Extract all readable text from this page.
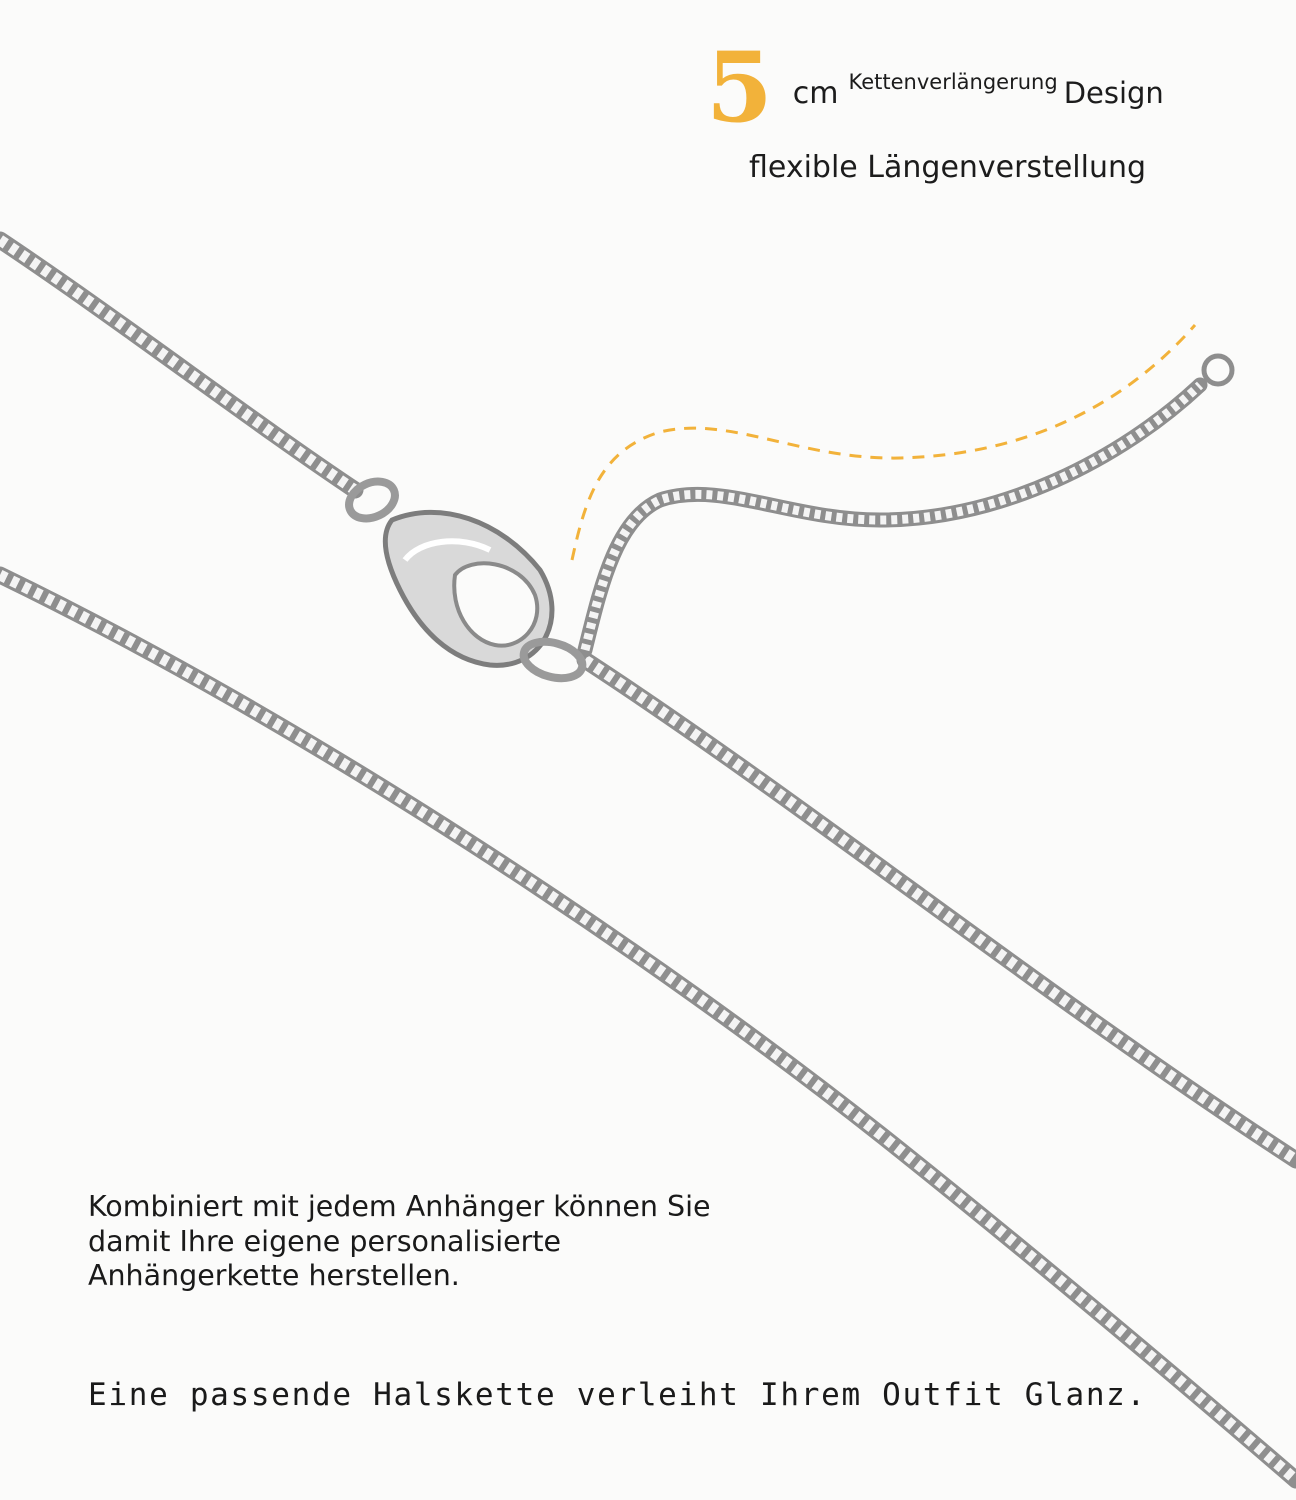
5 cm Kettenverlängerung Design
flexible Längenverstellung
Kombiniert mit jedem Anhänger können Sie
damit Ihre eigene personalisierte
Anhängerkette herstellen.
Eine passende Halskette verleiht Ihrem Outfit Glanz.
